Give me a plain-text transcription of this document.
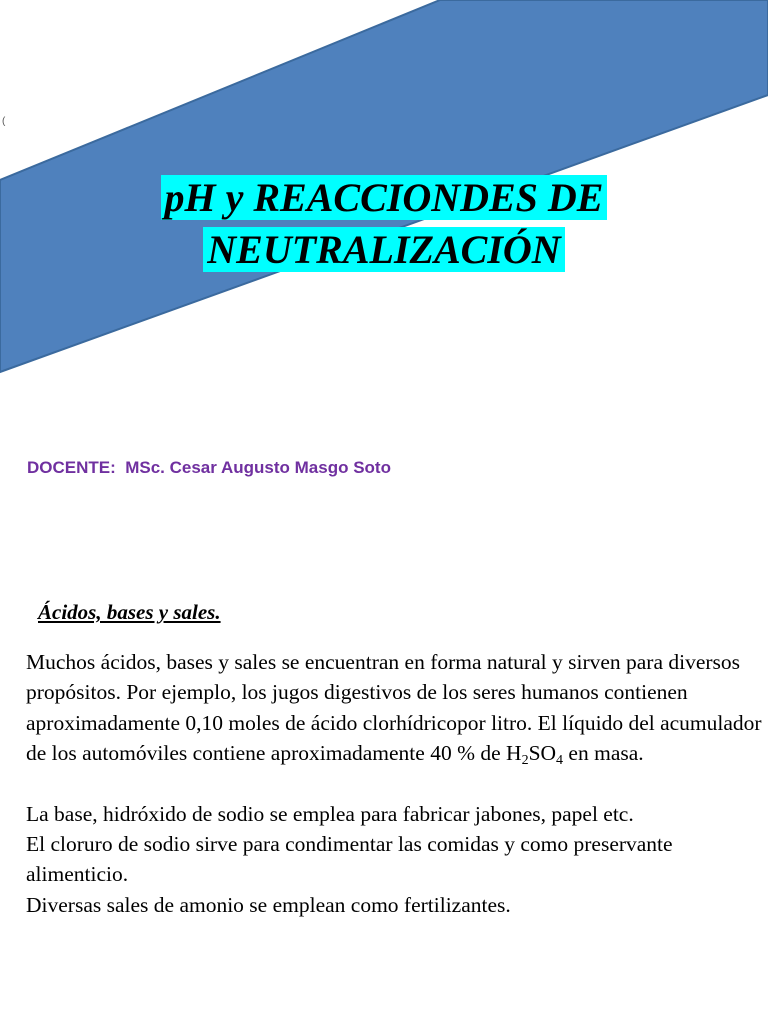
(
pH y REACCIONDES DE
NEUTRALIZACIÓN
DOCENTE:  MSc. Cesar Augusto Masgo Soto
Ácidos, bases y sales.

Muchos ácidos, bases y sales se encuentran en forma natural y sirven para diversos propósitos. Por ejemplo, los jugos digestivos de los seres humanos contienen aproximadamente 0,10 moles de ácido clorhídricopor litro. El líquido del acumulador de los automóviles contiene aproximadamente 40 % de $H_2SO_4$ en masa.

La base, hidróxido de sodio se emplea para fabricar jabones, papel etc.

El cloruro de sodio sirve para condimentar las comidas y como preservante alimenticio.

Diversas sales de amonio se emplean como fertilizantes.
